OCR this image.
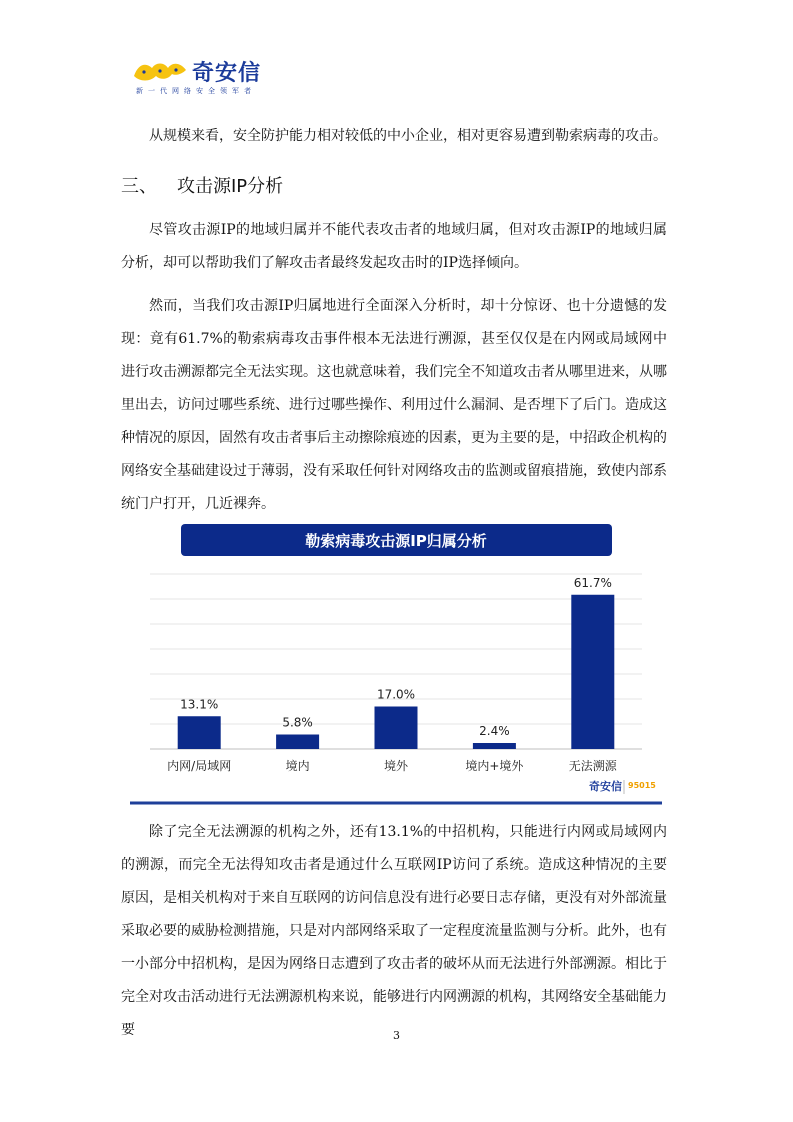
奇安信
新一代网络安全领军者

从规模来看，安全防护能力相对较低的中小企业，相对更容易遭到勒索病毒的攻击。

三、 攻击源IP分析

尽管攻击源IP的地域归属并不能代表攻击者的地域归属，但对攻击源IP的地域归属分析，却可以帮助我们了解攻击者最终发起攻击时的IP选择倾向。

然而，当我们攻击源IP归属地进行全面深入分析时，却十分惊讶、也十分遗憾的发现：竟有61.7%的勒索病毒攻击事件根本无法进行溯源，甚至仅仅是在内网或局域网中进行攻击溯源都完全无法实现。这也就意味着，我们完全不知道攻击者从哪里进来，从哪里出去，访问过哪些系统、进行过哪些操作、利用过什么漏洞、是否埋下了后门。造成这种情况的原因，固然有攻击者事后主动擦除痕迹的因素，更为主要的是，中招政企机构的网络安全基础建设过于薄弱，没有采取任何针对网络攻击的监测或留痕措施，致使内部系统门户打开，几近裸奔。

勒索病毒攻击源IP归属分析
13.1%
内网/局域网
5.8%
境内
17.0%
境外
2.4%
境内+境外
61.7%
无法溯源
奇安信 95015

除了完全无法溯源的机构之外，还有13.1%的中招机构，只能进行内网或局域网内的溯源，而完全无法得知攻击者是通过什么互联网IP访问了系统。造成这种情况的主要原因，是相关机构对于来自互联网的访问信息没有进行必要日志存储，更没有对外部流量采取必要的威胁检测措施，只是对内部网络采取了一定程度流量监测与分析。此外，也有一小部分中招机构，是因为网络日志遭到了攻击者的破坏从而无法进行外部溯源。相比于完全对攻击活动进行无法溯源机构来说，能够进行内网溯源的机构，其网络安全基础能力要	3
